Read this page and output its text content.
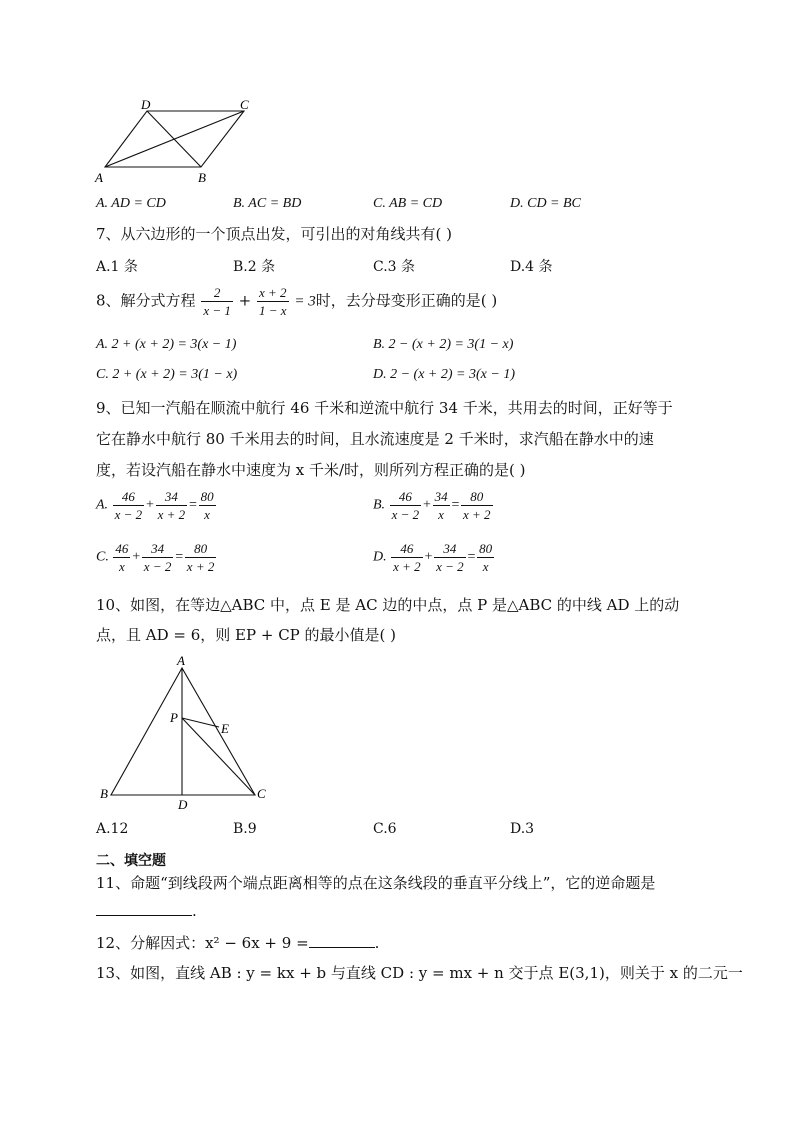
D	C
A	B
A. AD = CD	B. AC = BD	C. AB = CD	D. CD = BC
7、从六边形的一个顶点出发，可引出的对角线共有( )
A.1 条	B.2 条	C.3 条	D.4 条
8、解分式方程 $\frac{2}{x - 1} + \frac{x + 2}{1 - x} = 3$时，去分母变形正确的是( )
A. 2 + (x + 2) = 3(x − 1)	B. 2 − (x + 2) = 3(1 − x)
C. 2 + (x + 2) = 3(1 − x)	D. 2 − (x + 2) = 3(x − 1)
9、已知一汽船在顺流中航行 46 千米和逆流中航行 34 千米，共用去的时间，正好等于
它在静水中航行 80 千米用去的时间，且水流速度是 2 千米时，求汽船在静水中的速
度，若设汽船在静水中速度为 x 千米/时，则所列方程正确的是( )
A. $\frac{46}{x - 2} + \frac{34}{x + 2} = \frac{80}{x}$	B. $\frac{46}{x - 2} + \frac{34}{x} = \frac{80}{x + 2}$
C. $\frac{46}{x} + \frac{34}{x - 2} = \frac{80}{x + 2}$	D. $\frac{46}{x + 2} + \frac{34}{x - 2} = \frac{80}{x}$
10、如图，在等边△ABC 中，点 E 是 AC 边的中点，点 P 是△ABC 的中线 AD 上的动
点，且 AD = 6，则 EP + CP 的最小值是( )
A
P
E
B
D
C
A.12	B.9	C.6	D.3
二、填空题
11、命题“到线段两个端点距离相等的点在这条线段的垂直平分线上”，它的逆命题是
.
12、分解因式：x² − 6x + 9 =	.
13、如图，直线 AB : y = kx + b 与直线 CD : y = mx + n 交于点 E(3,1)，则关于 x 的二元一
